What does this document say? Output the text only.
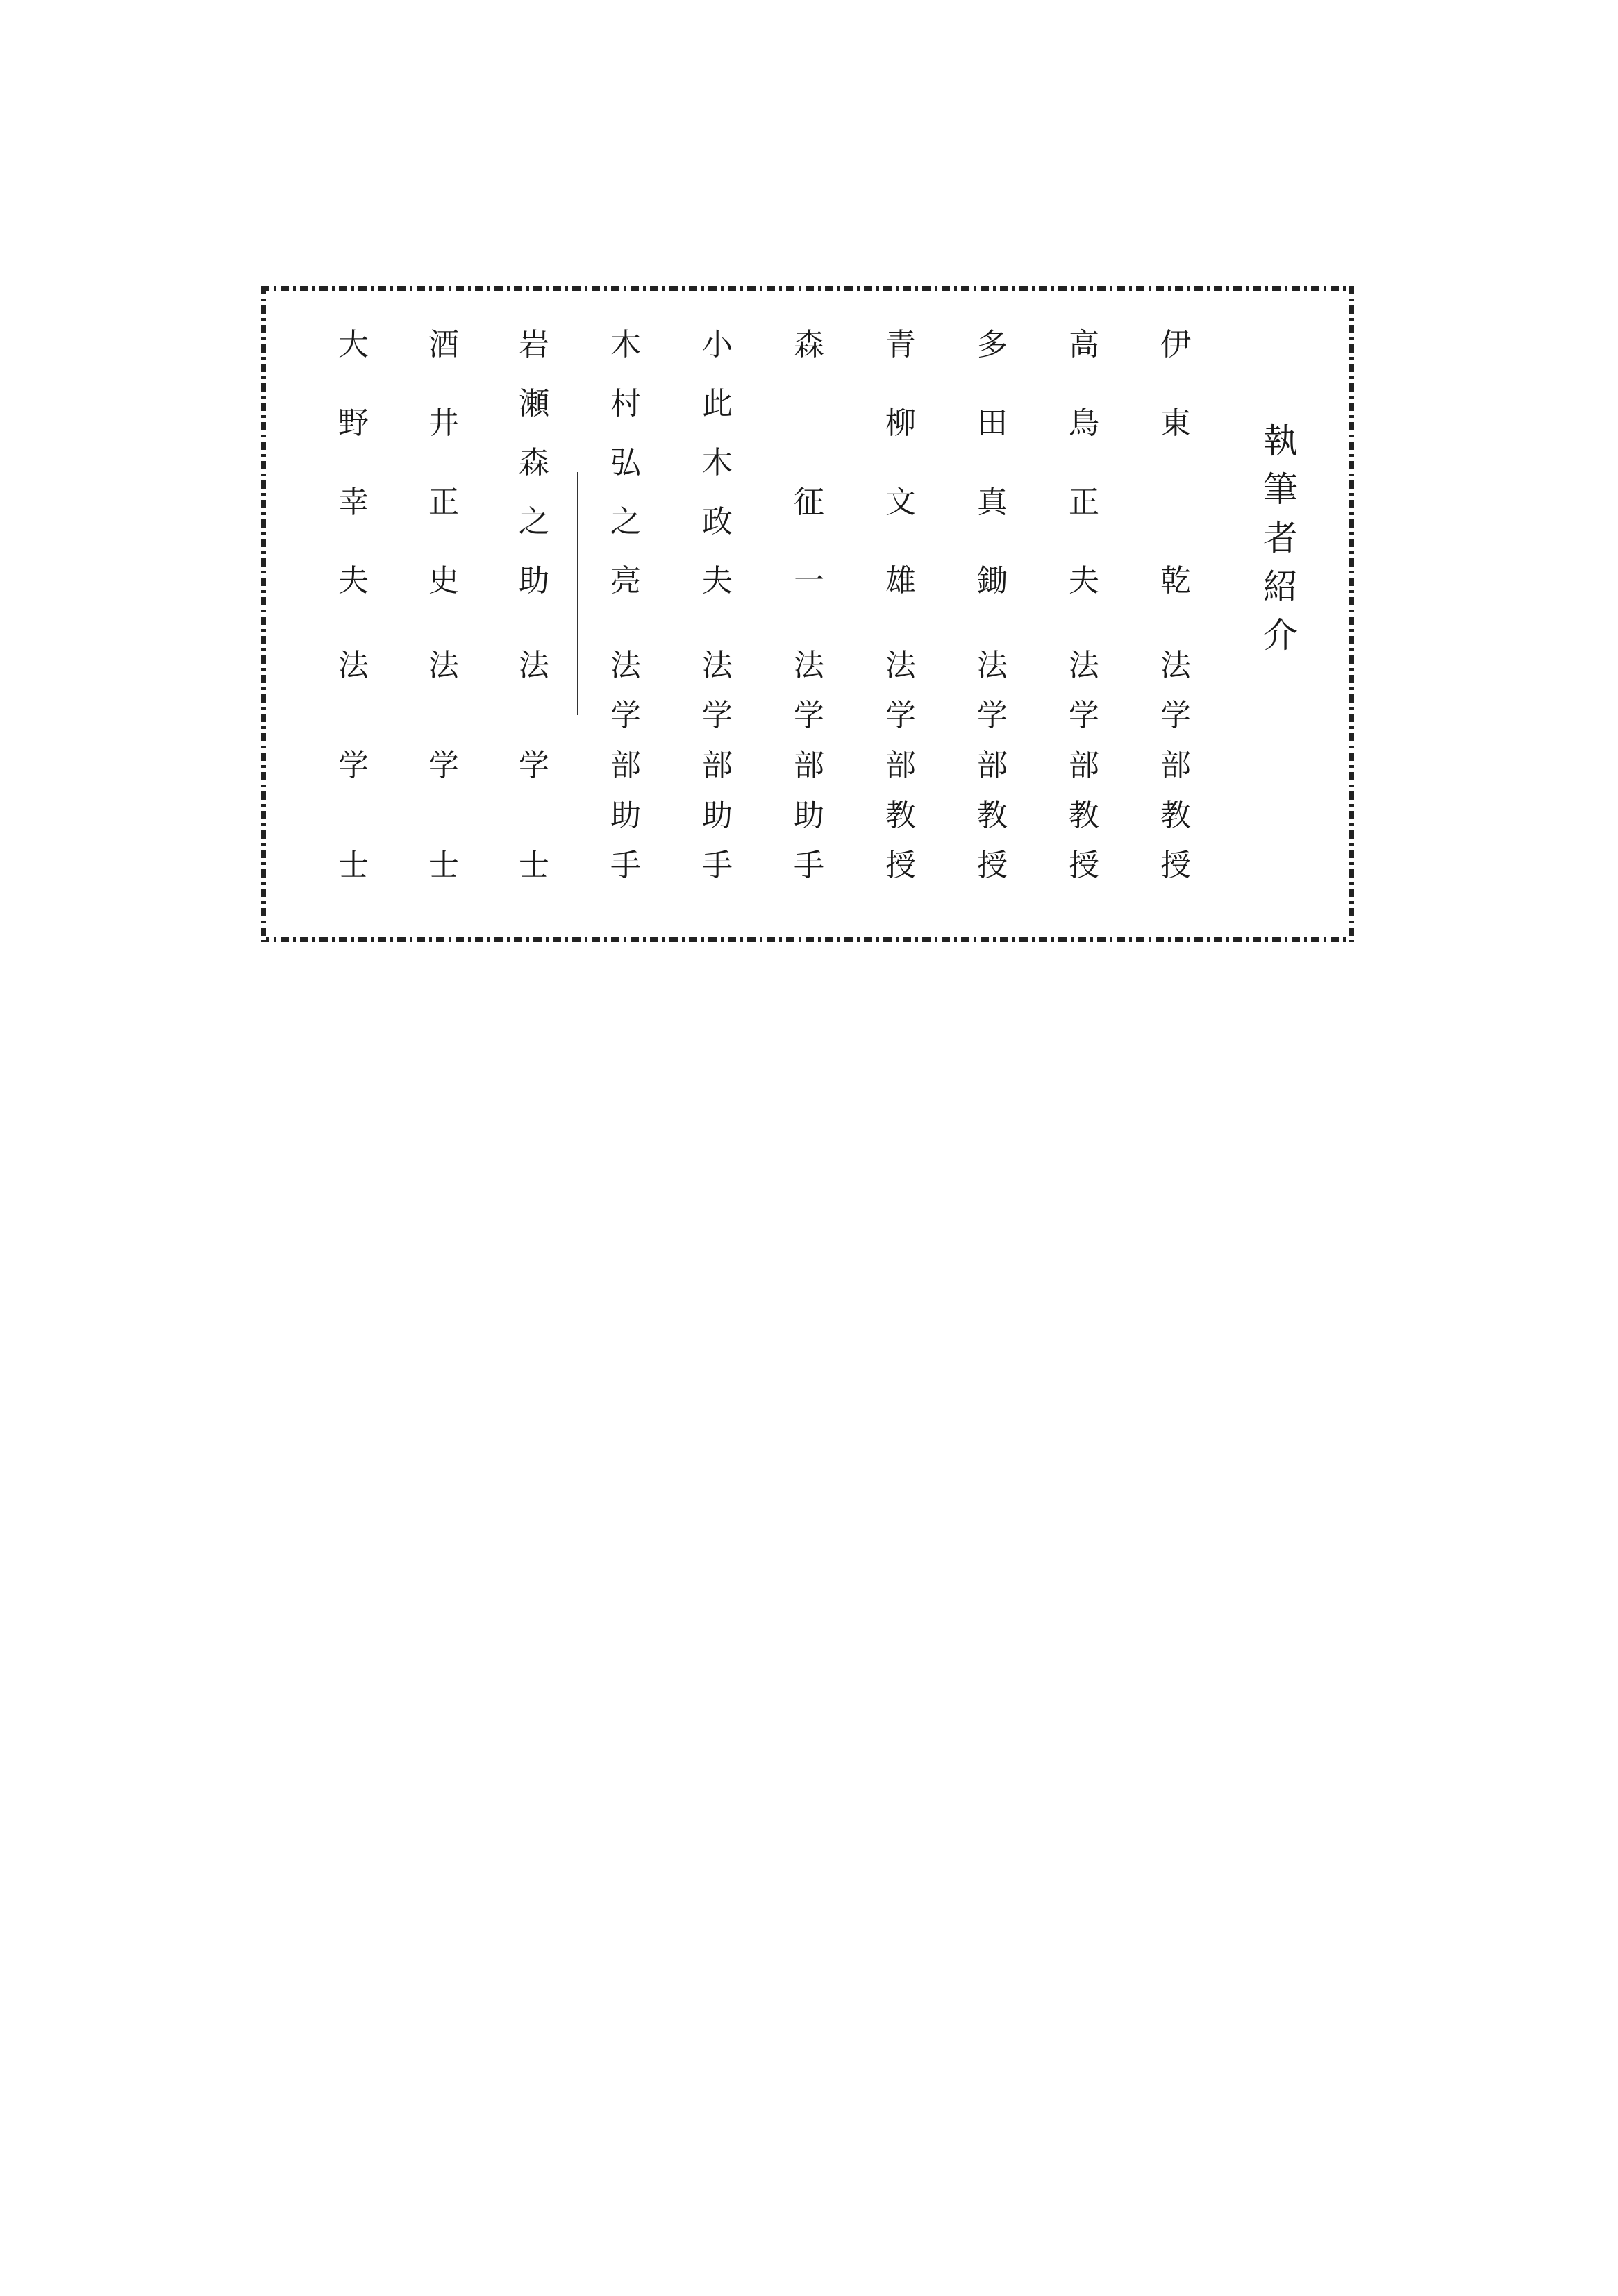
執
筆
者
紹
介
伊
東
乾
法
学
部
教
授
高
鳥
正
夫
法
学
部
教
授
多
田
真
鋤
法
学
部
教
授
青
柳
文
雄
法
学
部
教
授
森
征
一
法
学
部
助
手
小
此
木
政
夫
法
学
部
助
手
木
村
弘
之
亮
法
学
部
助
手
岩
瀬
森
之
助
法
学
士
酒
井
正
史
法
学
士
大
野
幸
夫
法
学
士
